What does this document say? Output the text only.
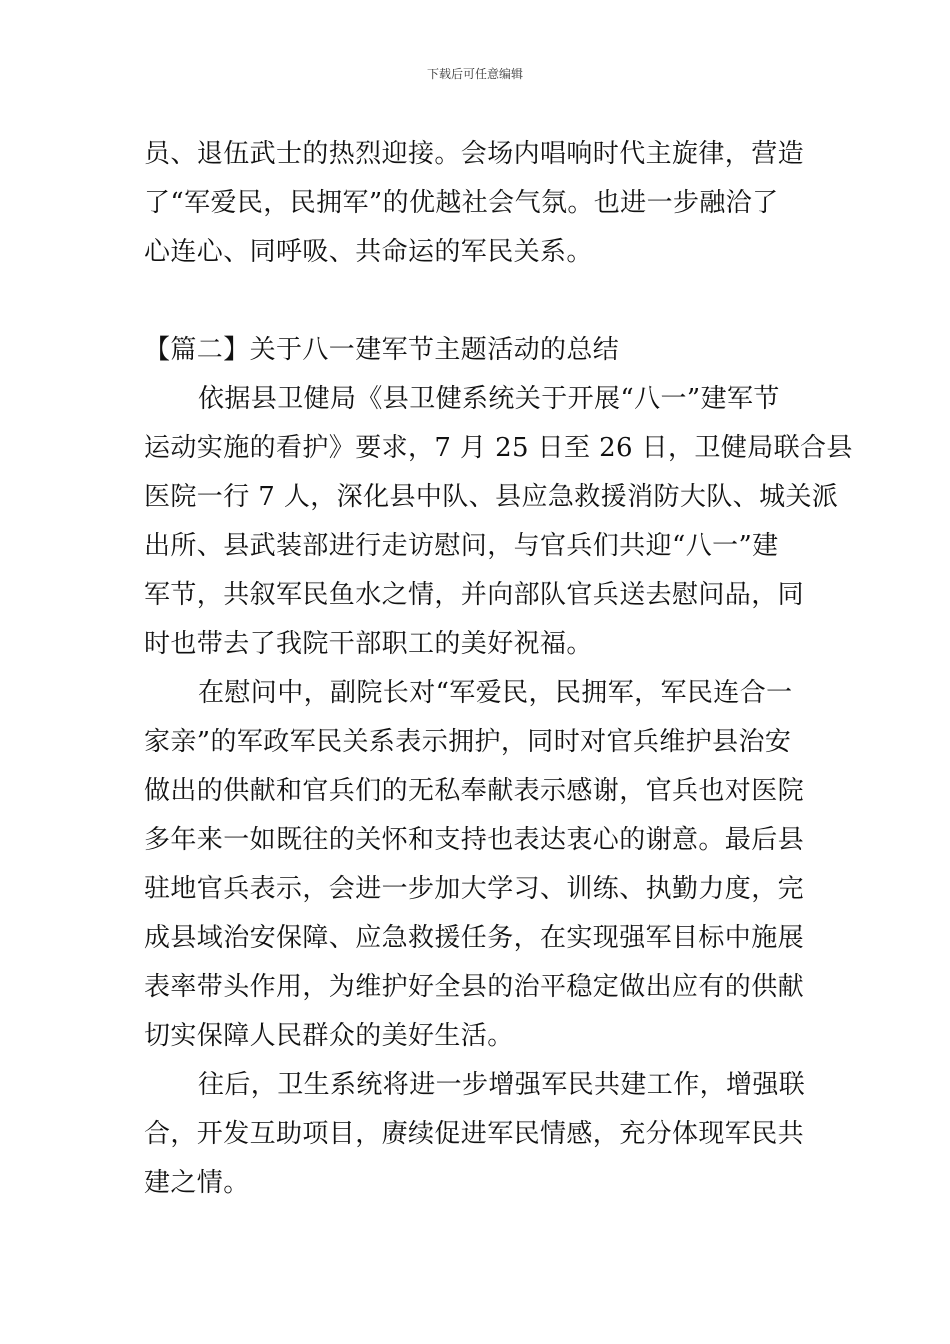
下载后可任意编辑
员、退伍武士的热烈迎接。会场内唱响时代主旋律，营造
了“军爱民，民拥军”的优越社会气氛。也进一步融洽了
心连心、同呼吸、共命运的军民关系。
【篇二】关于八一建军节主题活动的总结
依据县卫健局《县卫健系统关于开展“八一”建军节
运动实施的看护》要求，7 月 25 日至 26 日，卫健局联合县
医院一行 7 人，深化县中队、县应急救援消防大队、城关派
出所、县武装部进行走访慰问，与官兵们共迎“八一”建
军节，共叙军民鱼水之情，并向部队官兵送去慰问品，同
时也带去了我院干部职工的美好祝福。
在慰问中，副院长对“军爱民，民拥军，军民连合一
家亲”的军政军民关系表示拥护，同时对官兵维护县治安
做出的供献和官兵们的无私奉献表示感谢，官兵也对医院
多年来一如既往的关怀和支持也表达衷心的谢意。最后县
驻地官兵表示，会进一步加大学习、训练、执勤力度，完
成县域治安保障、应急救援任务，在实现强军目标中施展
表率带头作用，为维护好全县的治平稳定做出应有的供献
切实保障人民群众的美好生活。
往后，卫生系统将进一步增强军民共建工作，增强联
合，开发互助项目，赓续促进军民情感，充分体现军民共
建之情。
